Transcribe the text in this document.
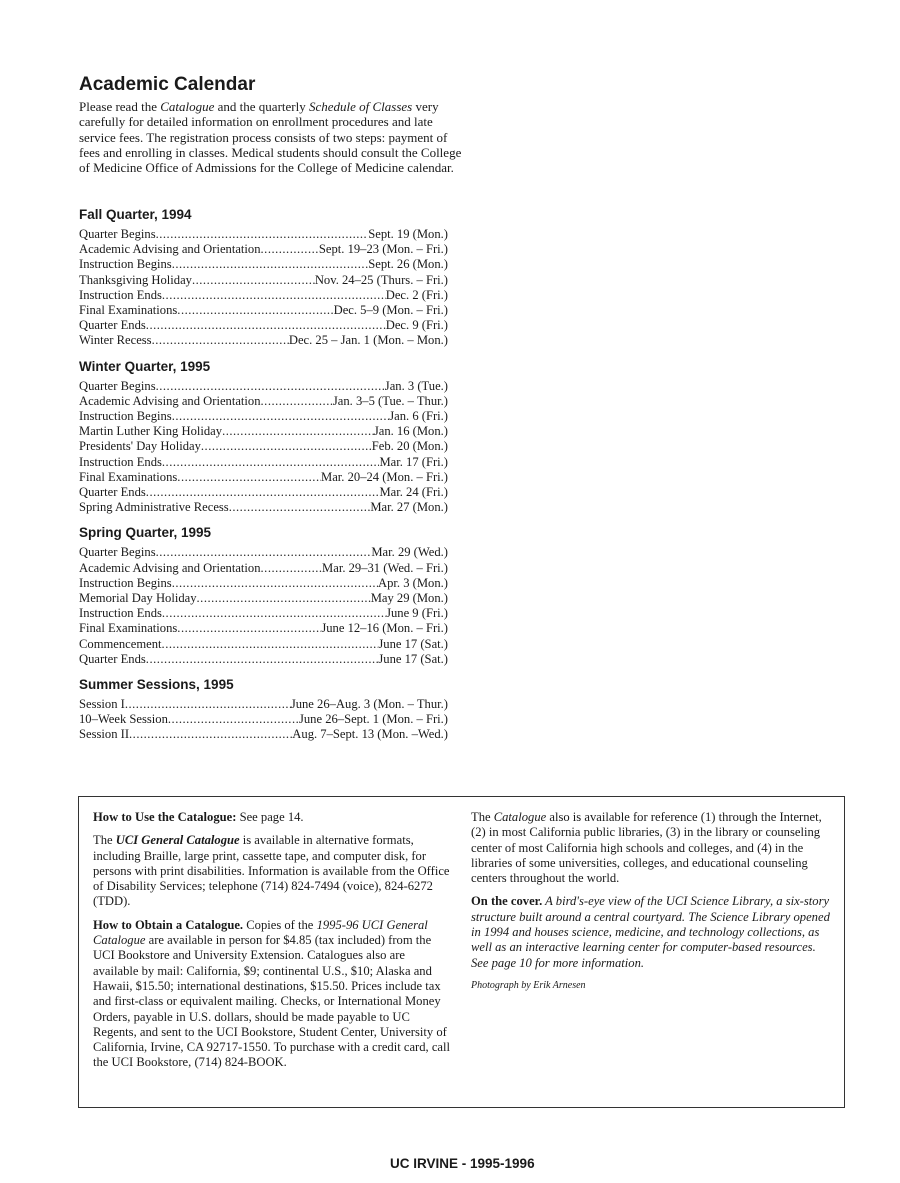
Academic Calendar

Please read the Catalogue and the quarterly Schedule of Classes very carefully for detailed information on enrollment procedures and late service fees. The registration process consists of two steps: payment of fees and enrolling in classes. Medical students should consult the College of Medicine Office of Admissions for the College of Medicine calendar.

Fall Quarter, 1994
Quarter Begins .....	Sept. 19 (Mon.)
Academic Advising and Orientation .....	Sept. 19–23 (Mon. – Fri.)
Instruction Begins .....	Sept. 26 (Mon.)
Thanksgiving Holiday .....	Nov. 24–25 (Thurs. – Fri.)
Instruction Ends .....	Dec. 2 (Fri.)
Final Examinations .....	Dec. 5–9 (Mon. – Fri.)
Quarter Ends .....	Dec. 9 (Fri.)
Winter Recess .....	Dec. 25 – Jan. 1 (Mon. – Mon.)
Winter Quarter, 1995
Quarter Begins .....	Jan. 3 (Tue.)
Academic Advising and Orientation .....	Jan. 3–5 (Tue. – Thur.)
Instruction Begins .....	Jan. 6 (Fri.)
Martin Luther King Holiday .....	Jan. 16 (Mon.)
Presidents' Day Holiday .....	Feb. 20 (Mon.)
Instruction Ends .....	Mar. 17 (Fri.)
Final Examinations .....	Mar. 20–24 (Mon. – Fri.)
Quarter Ends .....	Mar. 24 (Fri.)
Spring Administrative Recess .....	Mar. 27 (Mon.)
Spring Quarter, 1995
Quarter Begins .....	Mar. 29 (Wed.)
Academic Advising and Orientation .....	Mar. 29–31 (Wed. – Fri.)
Instruction Begins .....	Apr. 3 (Mon.)
Memorial Day Holiday .....	May 29 (Mon.)
Instruction Ends .....	June 9 (Fri.)
Final Examinations .....	June 12–16 (Mon. – Fri.)
Commencement .....	June 17 (Sat.)
Quarter Ends .....	June 17 (Sat.)
Summer Sessions, 1995
Session I .....	June 26–Aug. 3 (Mon. – Thur.)
10–Week Session .....	June 26–Sept. 1 (Mon. – Fri.)
Session II .....	Aug. 7–Sept. 13 (Mon. –Wed.)

How to Use the Catalogue: See page 14.

The UCI General Catalogue is available in alternative formats, including Braille, large print, cassette tape, and computer disk, for persons with print disabilities. Information is available from the Office of Disability Services; telephone (714) 824-7494 (voice), 824-6272 (TDD).

How to Obtain a Catalogue. Copies of the 1995-96 UCI General Catalogue are available in person for $4.85 (tax included) from the UCI Bookstore and University Extension. Catalogues also are available by mail: California, $9; continental U.S., $10; Alaska and Hawaii, $15.50; international destinations, $15.50. Prices include tax and first-class or equivalent mailing. Checks, or International Money Orders, payable in U.S. dollars, should be made payable to UC Regents, and sent to the UCI Bookstore, Student Center, University of California, Irvine, CA 92717-1550. To purchase with a credit card, call the UCI Bookstore, (714) 824-BOOK.

The Catalogue also is available for reference (1) through the Internet, (2) in most California public libraries, (3) in the library or counseling center of most California high schools and colleges, and (4) in the libraries of some universities, colleges, and educational counseling centers throughout the world.

On the cover. A bird's-eye view of the UCI Science Library, a six-story structure built around a central courtyard. The Science Library opened in 1994 and houses science, medicine, and technology collections, as well as an interactive learning center for computer-based resources. See page 10 for more information.

Photograph by Erik Arnesen

UC IRVINE - 1995-1996
